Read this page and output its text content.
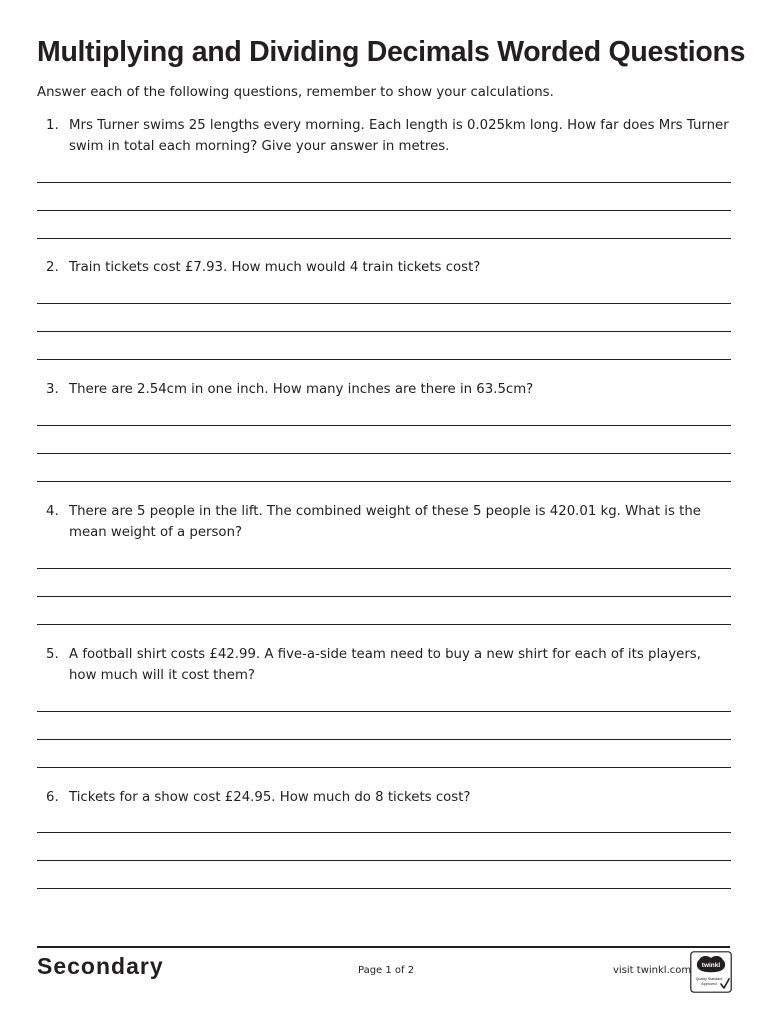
Multiplying and Dividing Decimals Worded Questions

Answer each of the following questions, remember to show your calculations.

1. Mrs Turner swims 25 lengths every morning. Each length is 0.025km long. How far does Mrs Turner swim in total each morning? Give your answer in metres.

2. Train tickets cost £7.93. How much would 4 train tickets cost?

3. There are 2.54cm in one inch. How many inches are there in 63.5cm?

4. There are 5 people in the lift. The combined weight of these 5 people is 420.01 kg. What is the mean weight of a person?

5. A football shirt costs £42.99. A five-a-side team need to buy a new shirt for each of its players, how much will it cost them?

6. Tickets for a show cost £24.95. How much do 8 tickets cost?

Secondary	Page 1 of 2	visit twinkl.com twinkl
Quality Standard
Approved
